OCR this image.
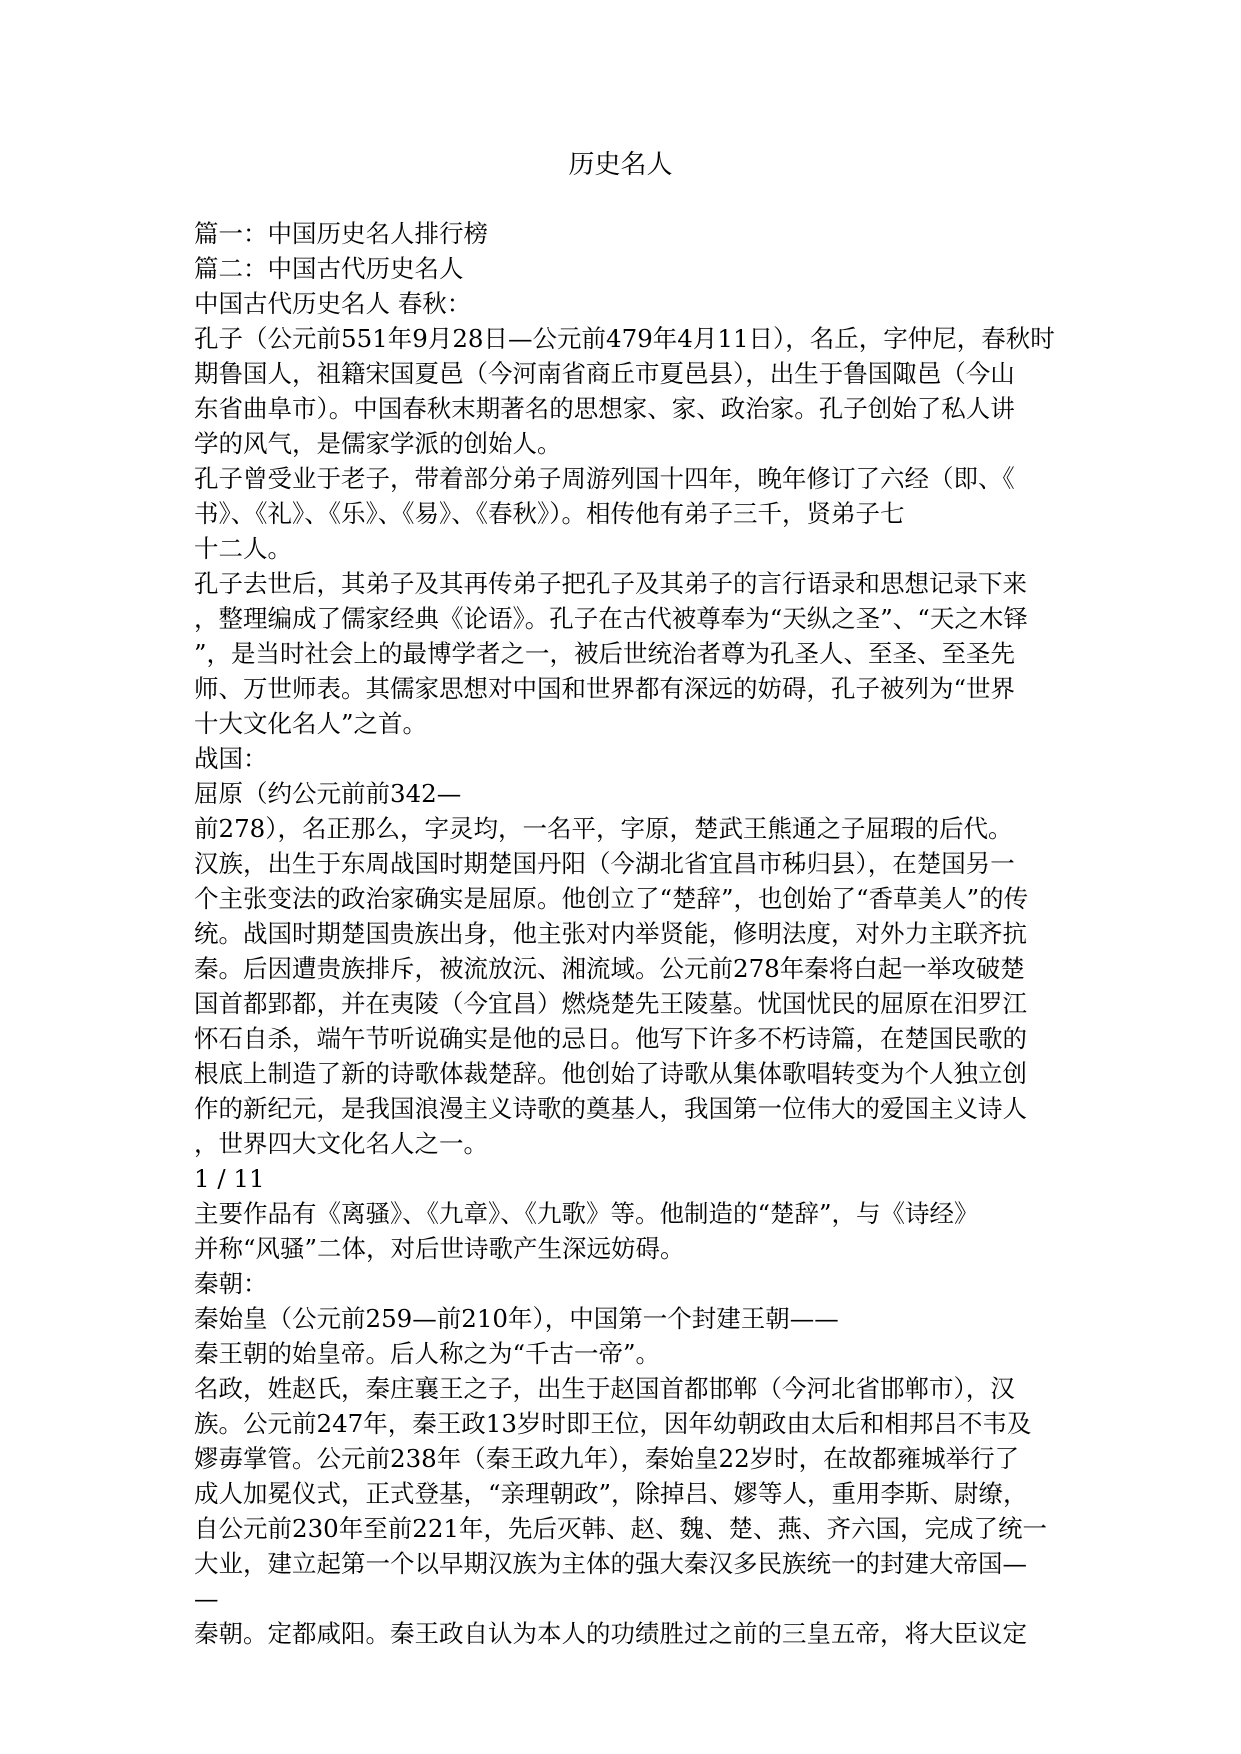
历史名人
篇一：中国历史名人排行榜
篇二：中国古代历史名人
中国古代历史名人 春秋：
孔子（公元前551年9月28日—公元前479年4月11日），名丘，字仲尼，春秋时
期鲁国人，祖籍宋国夏邑（今河南省商丘市夏邑县），出生于鲁国陬邑（今山
东省曲阜市）。中国春秋末期著名的思想家、家、政治家。孔子创始了私人讲
学的风气，是儒家学派的创始人。
孔子曾受业于老子，带着部分弟子周游列国十四年，晚年修订了六经（即、《
书》、《礼》、《乐》、《易》、《春秋》）。相传他有弟子三千，贤弟子七
十二人。
孔子去世后，其弟子及其再传弟子把孔子及其弟子的言行语录和思想记录下来
，整理编成了儒家经典《论语》。孔子在古代被尊奉为“天纵之圣”、“天之木铎
”，是当时社会上的最博学者之一，被后世统治者尊为孔圣人、至圣、至圣先
师、万世师表。其儒家思想对中国和世界都有深远的妨碍，孔子被列为“世界
十大文化名人”之首。
战国：
屈原（约公元前前342—
前278），名正那么，字灵均，一名平，字原，楚武王熊通之子屈瑕的后代。
汉族，出生于东周战国时期楚国丹阳（今湖北省宜昌市秭归县），在楚国另一
个主张变法的政治家确实是屈原。他创立了“楚辞”，也创始了“香草美人”的传
统。战国时期楚国贵族出身，他主张对内举贤能，修明法度，对外力主联齐抗
秦。后因遭贵族排斥，被流放沅、湘流域。公元前278年秦将白起一举攻破楚
国首都郢都，并在夷陵（今宜昌）燃烧楚先王陵墓。忧国忧民的屈原在汨罗江
怀石自杀，端午节听说确实是他的忌日。他写下许多不朽诗篇，在楚国民歌的
根底上制造了新的诗歌体裁楚辞。他创始了诗歌从集体歌唱转变为个人独立创
作的新纪元，是我国浪漫主义诗歌的奠基人，我国第一位伟大的爱国主义诗人
，世界四大文化名人之一。
1 / 11
主要作品有《离骚》、《九章》、《九歌》等。他制造的“楚辞”，与《诗经》
并称“风骚”二体，对后世诗歌产生深远妨碍。
秦朝：
秦始皇（公元前259—前210年），中国第一个封建王朝——
秦王朝的始皇帝。后人称之为“千古一帝”。
名政，姓赵氏，秦庄襄王之子，出生于赵国首都邯郸（今河北省邯郸市），汉
族。公元前247年，秦王政13岁时即王位，因年幼朝政由太后和相邦吕不韦及
嫪毐掌管。公元前238年（秦王政九年），秦始皇22岁时，在故都雍城举行了
成人加冕仪式，正式登基，“亲理朝政”，除掉吕、嫪等人，重用李斯、尉缭，
自公元前230年至前221年，先后灭韩、赵、魏、楚、燕、齐六国，完成了统一
大业，建立起第一个以早期汉族为主体的强大秦汉多民族统一的封建大帝国—
—
秦朝。定都咸阳。秦王政自认为本人的功绩胜过之前的三皇五帝，将大臣议定
